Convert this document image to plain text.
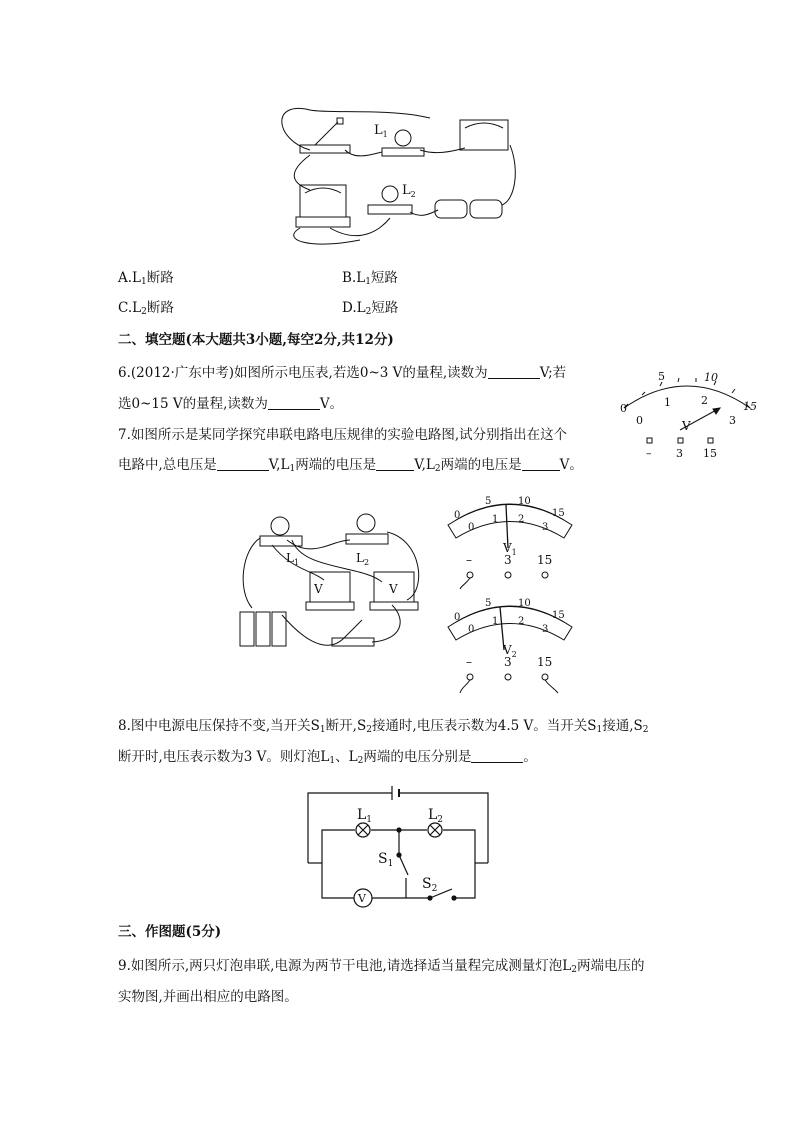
$L_1$
$L_2$
$A.L_1$断路	$B.L_1$短路
$C.L_2$断路	$D.L_2$短路
二、填空题(本大题共3小题,每空2分,共12分)
6.(2012·广东中考)如图所示电压表,若选0~3 V的量程,读数为	V;若
选0~15 V的量程,读数为	V。	0
5	10
15
0
1	2
3
V
– 3 15
7.如图所示是某同学探究串联电路电压规律的实验电路图,试分别指出在这个
电路中,总电压是	$V,L_1$两端的电压是	$V,L_2$两端的电压是	V。
V	V
$L_1$	$L_2$
0
5	10
15
0
1 2
3
$V_1$
–	3 15
0
5	10
15
0
1 2
3
$V_2$
–	3 15
8.图中电源电压保持不变,当开关$S_1$断开$,S_2$接通时,电压表示数为4.5 V。当开关$S_1$接通$,S_2$
断开时,电压表示数为3 V。则灯泡$L_1$、$L_2$两端的电压分别是	。
V
$L_1$	$L_2$
$S_1$
$S_2$
三、作图题(5分)
9.如图所示,两只灯泡串联,电源为两节干电池,请选择适当量程完成测量灯泡$L_2$两端电压的
实物图,并画出相应的电路图。
